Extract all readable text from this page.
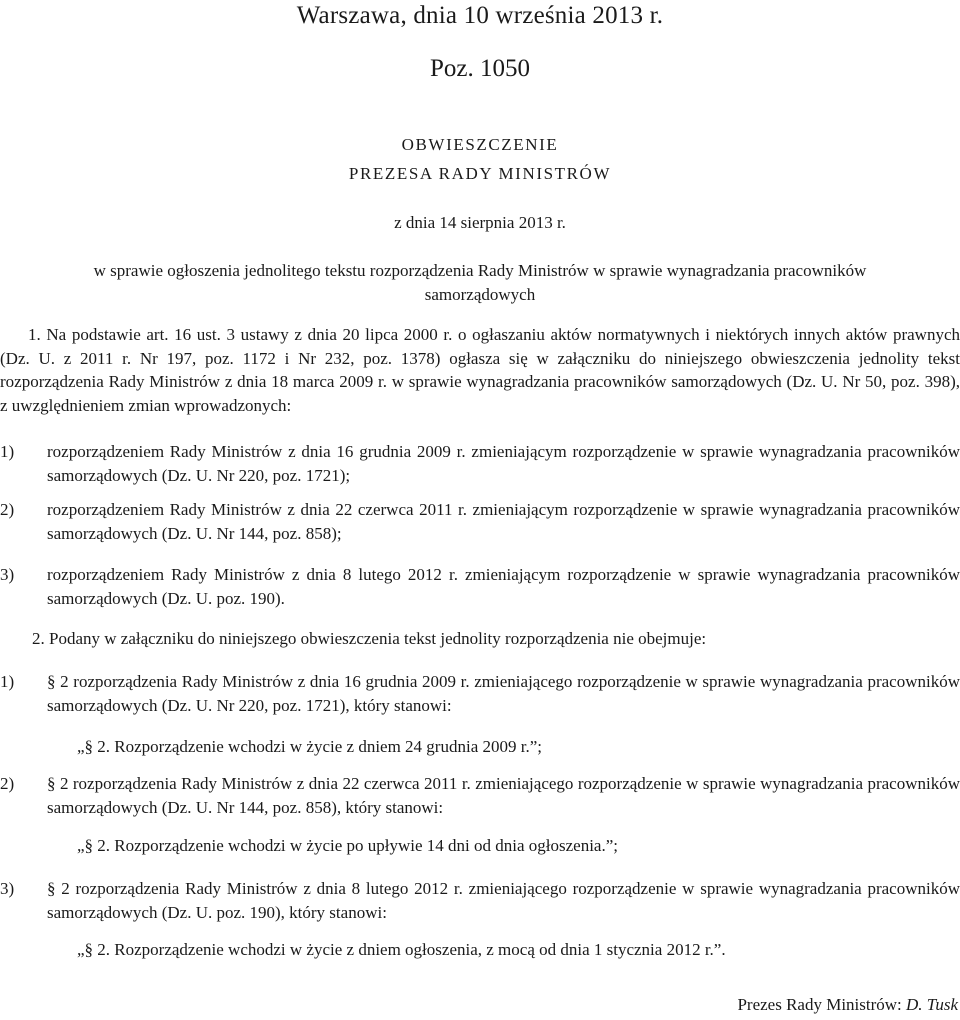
Warszawa, dnia 10 września 2013 r.
Poz. 1050
OBWIESZCZENIE
PREZESA RADY MINISTRÓW
z dnia 14 sierpnia 2013 r.
w sprawie ogłoszenia jednolitego tekstu rozporządzenia Rady Ministrów w sprawie wynagradzania pracowników samorządowych
1. Na podstawie art. 16 ust. 3 ustawy z dnia 20 lipca 2000 r. o ogłaszaniu aktów normatywnych i niektórych innych aktów prawnych (Dz. U. z 2011 r. Nr 197, poz. 1172 i Nr 232, poz. 1378) ogłasza się w załączniku do niniejszego obwieszczenia jednolity tekst rozporządzenia Rady Ministrów z dnia 18 marca 2009 r. w sprawie wynagradzania pracowników samorządowych (Dz. U. Nr 50, poz. 398), z uwzględnieniem zmian wprowadzonych:
1)	rozporządzeniem Rady Ministrów z dnia 16 grudnia 2009 r. zmieniającym rozporządzenie w sprawie wynagradzania pracowników samorządowych (Dz. U. Nr 220, poz. 1721);
2)	rozporządzeniem Rady Ministrów z dnia 22 czerwca 2011 r. zmieniającym rozporządzenie w sprawie wynagradzania pracowników samorządowych (Dz. U. Nr 144, poz. 858);
3)	rozporządzeniem Rady Ministrów z dnia 8 lutego 2012 r. zmieniającym rozporządzenie w sprawie wynagradzania pracowników samorządowych (Dz. U. poz. 190).
2. Podany w załączniku do niniejszego obwieszczenia tekst jednolity rozporządzenia nie obejmuje:
1)	§ 2 rozporządzenia Rady Ministrów z dnia 16 grudnia 2009 r. zmieniającego rozporządzenie w sprawie wynagradzania pracowników samorządowych (Dz. U. Nr 220, poz. 1721), który stanowi:
„§ 2. Rozporządzenie wchodzi w życie z dniem 24 grudnia 2009 r.”;
2)	§ 2 rozporządzenia Rady Ministrów z dnia 22 czerwca 2011 r. zmieniającego rozporządzenie w sprawie wynagradzania pracowników samorządowych (Dz. U. Nr 144, poz. 858), który stanowi:
„§ 2. Rozporządzenie wchodzi w życie po upływie 14 dni od dnia ogłoszenia.”;
3)	§ 2 rozporządzenia Rady Ministrów z dnia 8 lutego 2012 r. zmieniającego rozporządzenie w sprawie wynagradzania pracowników samorządowych (Dz. U. poz. 190), który stanowi:
„§ 2. Rozporządzenie wchodzi w życie z dniem ogłoszenia, z mocą od dnia 1 stycznia 2012 r.”.
Prezes Rady Ministrów: D. Tusk
